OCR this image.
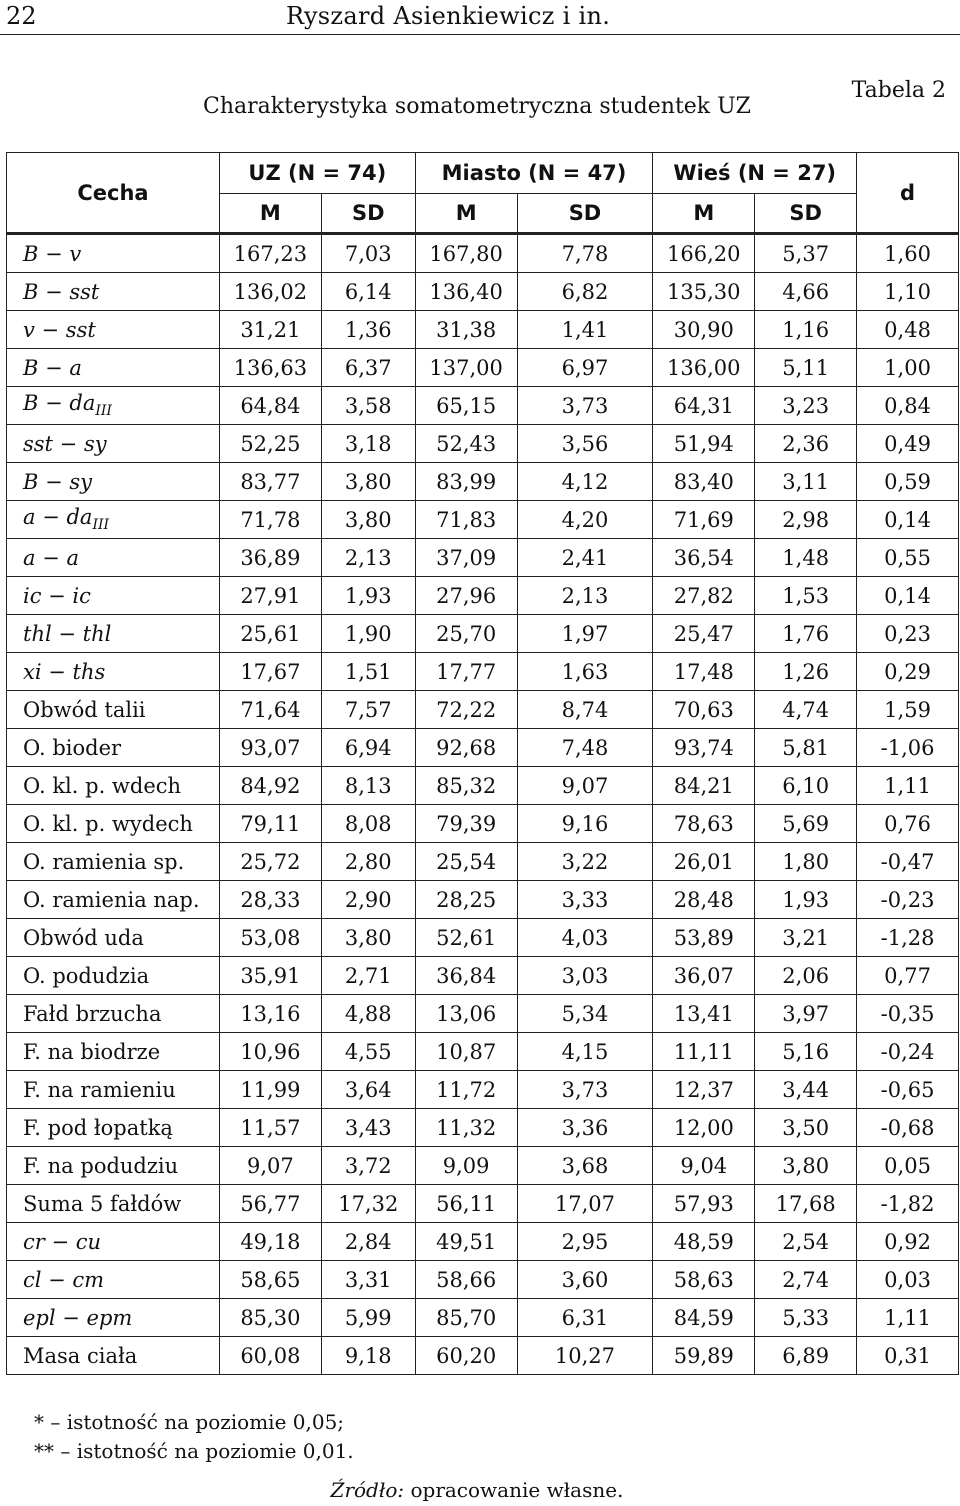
22	Ryszard Asienkiewicz i in.
Tabela 2
Charakterystyka somatometryczna studentek UZ
Cecha	UZ (N = 74)		Miasto (N = 47)		Wieś (N = 27)		d
	M	SD	M	SD	M	SD	
B − v	167,23	7,03	167,80	7,78	166,20	5,37	1,60
B − sst	136,02	6,14	136,40	6,82	135,30	4,66	1,10
v − sst	31,21	1,36	31,38	1,41	30,90	1,16	0,48
B − a	136,63	6,37	137,00	6,97	136,00	5,11	1,00
$B - da_{III}$	64,84	3,58	65,15	3,73	64,31	3,23	0,84
sst − sy	52,25	3,18	52,43	3,56	51,94	2,36	0,49
B − sy	83,77	3,80	83,99	4,12	83,40	3,11	0,59
$a - da_{III}$	71,78	3,80	71,83	4,20	71,69	2,98	0,14
a − a	36,89	2,13	37,09	2,41	36,54	1,48	0,55
ic − ic	27,91	1,93	27,96	2,13	27,82	1,53	0,14
thl − thl	25,61	1,90	25,70	1,97	25,47	1,76	0,23
xi − ths	17,67	1,51	17,77	1,63	17,48	1,26	0,29
Obwód talii	71,64	7,57	72,22	8,74	70,63	4,74	1,59
O. bioder	93,07	6,94	92,68	7,48	93,74	5,81	-1,06
O. kl. p. wdech	84,92	8,13	85,32	9,07	84,21	6,10	1,11
O. kl. p. wydech	79,11	8,08	79,39	9,16	78,63	5,69	0,76
O. ramienia sp.	25,72	2,80	25,54	3,22	26,01	1,80	-0,47
O. ramienia nap.	28,33	2,90	28,25	3,33	28,48	1,93	-0,23
Obwód uda	53,08	3,80	52,61	4,03	53,89	3,21	-1,28
O. podudzia	35,91	2,71	36,84	3,03	36,07	2,06	0,77
Fałd brzucha	13,16	4,88	13,06	5,34	13,41	3,97	-0,35
F. na biodrze	10,96	4,55	10,87	4,15	11,11	5,16	-0,24
F. na ramieniu	11,99	3,64	11,72	3,73	12,37	3,44	-0,65
F. pod łopatką	11,57	3,43	11,32	3,36	12,00	3,50	-0,68
F. na podudziu	9,07	3,72	9,09	3,68	9,04	3,80	0,05
Suma 5 fałdów	56,77	17,32	56,11	17,07	57,93	17,68	-1,82
cr − cu	49,18	2,84	49,51	2,95	48,59	2,54	0,92
cl − cm	58,65	3,31	58,66	3,60	58,63	2,74	0,03
epl − epm	85,30	5,99	85,70	6,31	84,59	5,33	1,11
Masa ciała	60,08	9,18	60,20	10,27	59,89	6,89	0,31
* – istotność na poziomie 0,05;
** – istotność na poziomie 0,01.
Źródło: opracowanie własne.
